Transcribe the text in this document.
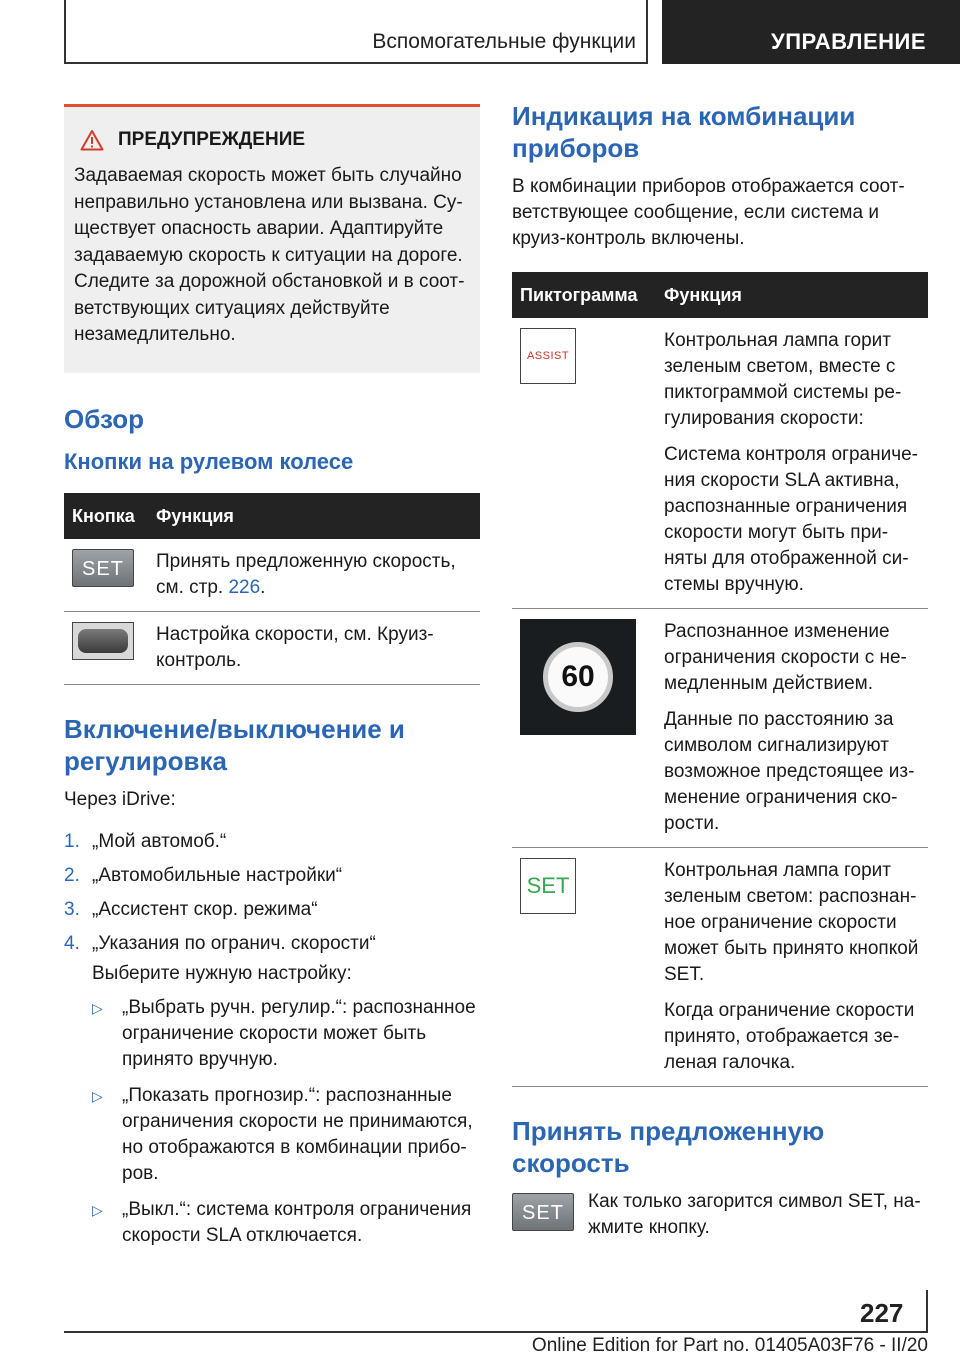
Вспомогательные функции	УПРАВЛЕНИЕ
ПРЕДУПРЕЖДЕНИЕ
Задаваемая скорость может быть случайно неправильно установлена или вызвана. Существует опасность аварии. Адаптируйте задаваемую скорость к ситуации на дороге. Следите за дорожной обстановкой и в соответствующих ситуациях действуйте незамедлительно.
Обзор
Кнопки на рулевом колесе
Кнопка	Функция

SET	Принять предложенную скорость, см. стр. 226.

	Настройка скорости, см. Круиз-контроль.
Включение/выключение и регулировка
Через iDrive:
1. „Мой автомоб.“
2. „Автомобильные настройки“
3. „Ассистент скор. режима“
4. „Указания по огранич. скорости“
Выберите нужную настройку:
▷	„Выбрать ручн. регулир.“: распознанное ограничение скорости может быть принято вручную.
▷	„Показать прогнозир.“: распознанные ограничения скорости не принимаются, но отображаются в комбинации приборов.
▷	„Выкл.“: система контроля ограничения скорости SLA отключается.
Индикация на комбинации приборов
В комбинации приборов отображается соответствующее сообщение, если система и круиз-контроль включены.
Пиктограмма	Функция

ASSIST	Контрольная лампа горит зеленым светом, вместе с пиктограммой системы регулирования скорости:

Система контроля ограничения скорости SLA активна, распознанные ограничения скорости могут быть приняты для отображенной системы вручную.

60	Распознанное изменение ограничения скорости с немедленным действием.

Данные по расстоянию за символом сигнализируют возможное предстоящее изменение ограничения скорости.

SET	Контрольная лампа горит зеленым светом: распознанное ограничение скорости может быть принято кнопкой SET.

Когда ограничение скорости принято, отображается зеленая галочка.

Принять предложенную скорость
SET
Как только загорится символ SET, нажмите кнопку.
227
Online Edition for Part no. 01405A03F76 - II/20
